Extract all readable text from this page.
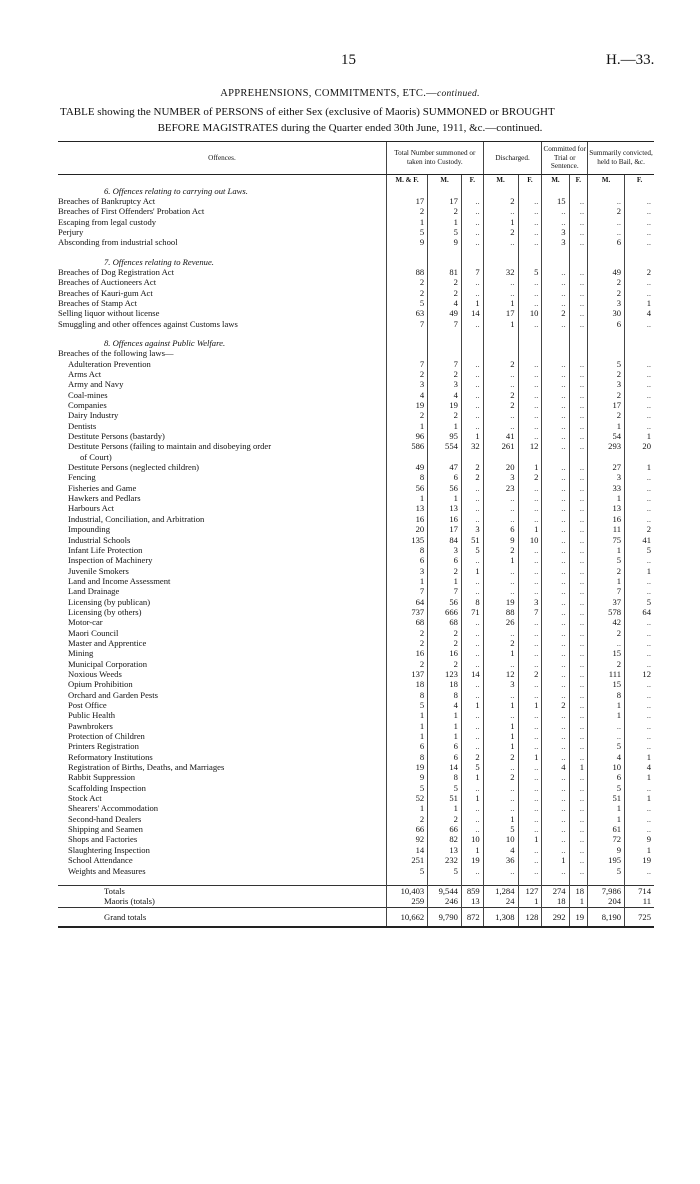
15	H.—33.
APPREHENSIONS, COMMITMENTS, ETC.—continued.
TABLE showing the NUMBER of PERSONS of either Sex (exclusive of Maoris) SUMMONED or BROUGHT
BEFORE MAGISTRATES during the Quarter ended 30th June, 1911, &c.—continued.
Offences.	Total Number summoned or taken into Custody.			Discharged.		Committed for Trial or Sentence.		Summarily convicted, held to Bail, &c.	
	M. & F.	M.	F.	M.	F.	M.	F.	M.	F.
6. Offences relating to carrying out Laws.									
Breaches of Bankruptcy Act	17	17	..	2	..	15	..	..	..
Breaches of First Offenders' Probation Act	2	2	..	..	..	..	..	2	..
Escaping from legal custody	1	1	..	1	..	..	..	..	..
Perjury	5	5	..	2	..	3	..	..	..
Absconding from industrial school	9	9	..	..	..	3	..	6	..

7. Offences relating to Revenue.									
Breaches of Dog Registration Act	88	81	7	32	5	..	..	49	2
Breaches of Auctioneers Act	2	2	..	..	..	..	..	2	..
Breaches of Kauri-gum Act	2	2	..	..	..	..	..	2	..
Breaches of Stamp Act	5	4	1	1	..	..	..	3	1
Selling liquor without license	63	49	14	17	10	2	..	30	4
Smuggling and other offences against Customs laws	7	7	..	1	..	..	..	6	..

8. Offences against Public Welfare.									
Breaches of the following laws—									
Adulteration Prevention	7	7	..	2	..	..	..	5	..
Arms Act	2	2	..	..	..	..	..	2	..
Army and Navy	3	3	..	..	..	..	..	3	..
Coal-mines	4	4	..	2	..	..	..	2	..
Companies	19	19	..	2	..	..	..	17	..
Dairy Industry	2	2	..	..	..	..	..	2	..
Dentists	1	1	..	..	..	..	..	1	..
Destitute Persons (bastardy)	96	95	1	41	..	..	..	54	1
Destitute Persons (failing to maintain and disobeying order	586	554	32	261	12	..	..	293	20
of Court)									
Destitute Persons (neglected children)	49	47	2	20	1	..	..	27	1
Fencing	8	6	2	3	2	..	..	3	..
Fisheries and Game	56	56	..	23	..	..	..	33	..
Hawkers and Pedlars	1	1	..	..	..	..	..	1	..
Harbours Act	13	13	..	..	..	..	..	13	..
Industrial, Conciliation, and Arbitration	16	16	..	..	..	..	..	16	..
Impounding	20	17	3	6	1	..	..	11	2
Industrial Schools	135	84	51	9	10	..	..	75	41
Infant Life Protection	8	3	5	2	..	..	..	1	5
Inspection of Machinery	6	6	..	1	..	..	..	5	..
Juvenile Smokers	3	2	1	..	..	..	..	2	1
Land and Income Assessment	1	1	..	..	..	..	..	1	..
Land Drainage	7	7	..	..	..	..	..	7	..
Licensing (by publican)	64	56	8	19	3	..	..	37	5
Licensing (by others)	737	666	71	88	7	..	..	578	64
Motor-car	68	68	..	26	..	..	..	42	..
Maori Council	2	2	..	..	..	..	..	2	..
Master and Apprentice	2	2	..	2	..	..	..	..	..
Mining	16	16	..	1	..	..	..	15	..
Municipal Corporation	2	2	..	..	..	..	..	2	..
Noxious Weeds	137	123	14	12	2	..	..	111	12
Opium Prohibition	18	18	..	3	..	..	..	15	..
Orchard and Garden Pests	8	8	..	..	..	..	..	8	..
Post Office	5	4	1	1	1	2	..	1	..
Public Health	1	1	..	..	..	..	..	1	..
Pawnbrokers	1	1	..	1	..	..	..	..	..
Protection of Children	1	1	..	1	..	..	..	..	..
Printers Registration	6	6	..	1	..	..	..	5	..
Reformatory Institutions	8	6	2	2	1	..	..	4	1
Registration of Births, Deaths, and Marriages	19	14	5	..	..	4	1	10	4
Rabbit Suppression	9	8	1	2	..	..	..	6	1
Scaffolding Inspection	5	5	..	..	..	..	..	5	..
Stock Act	52	51	1	..	..	..	..	51	1
Shearers' Accommodation	1	1	..	..	..	..	..	1	..
Second-hand Dealers	2	2	..	1	..	..	..	1	..
Shipping and Seamen	66	66	..	5	..	..	..	61	..
Shops and Factories	92	82	10	10	1	..	..	72	9
Slaughtering Inspection	14	13	1	4	..	..	..	9	1
School Attendance	251	232	19	36	..	1	..	195	19
Weights and Measures	5	5	..	..	..	..	..	5	..

Totals	10,403	9,544	859	1,284	127	274	18	7,986	714
Maoris (totals)	259	246	13	24	1	18	1	204	11
Grand totals	10,662	9,790	872	1,308	128	292	19	8,190	725
